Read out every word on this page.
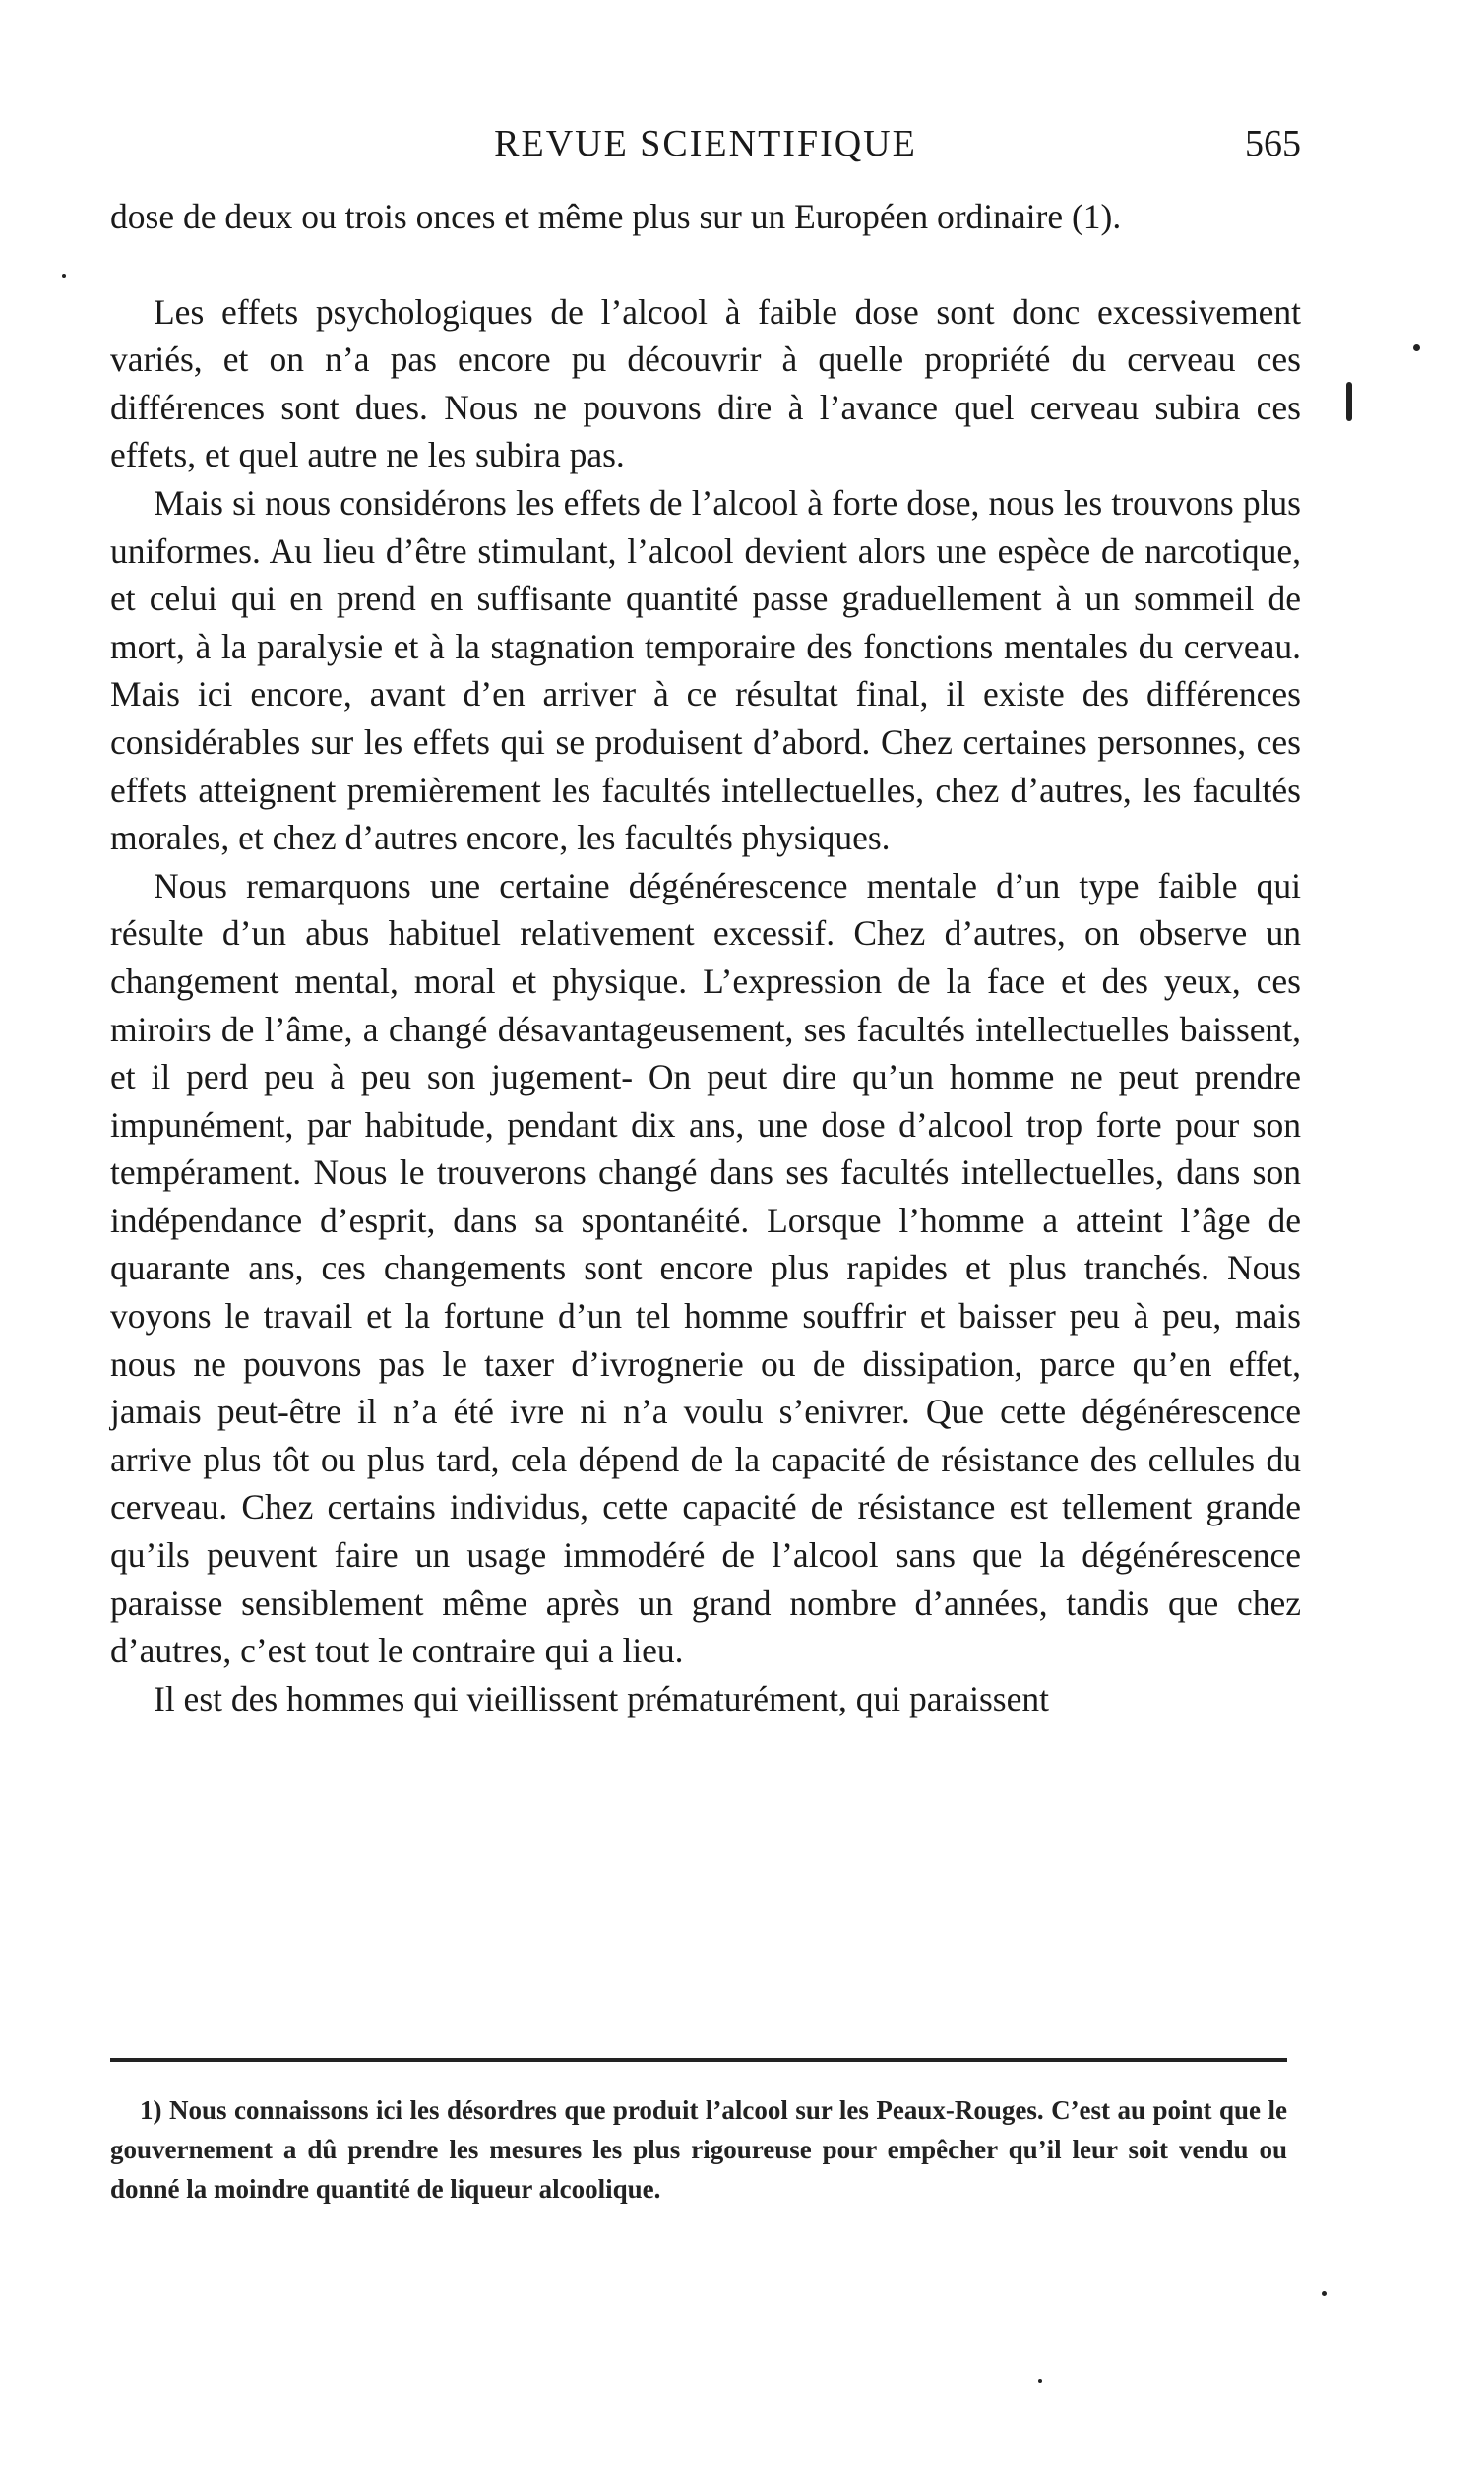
REVUE SCIENTIFIQUE	565

dose de deux ou trois onces et même plus sur un Européen ordinaire (1).

Les effets psychologiques de l’alcool à faible dose sont donc excessivement variés, et on n’a pas encore pu découvrir à quelle propriété du cerveau ces différences sont dues. Nous ne pouvons dire à l’avance quel cerveau subira ces effets, et quel autre ne les subira pas.

Mais si nous considérons les effets de l’alcool à forte dose, nous les trouvons plus uniformes. Au lieu d’être stimulant, l’alcool devient alors une espèce de narcotique, et celui qui en prend en suffisante quantité passe graduellement à un sommeil de mort, à la paralysie et à la stagnation temporaire des fonctions mentales du cerveau. Mais ici encore, avant d’en arriver à ce résultat final, il existe des différences considérables sur les effets qui se produisent d’abord. Chez certaines personnes, ces effets atteignent premièrement les facultés intellectuelles, chez d’autres, les facultés morales, et chez d’autres encore, les facultés physiques.

Nous remarquons une certaine dégénérescence mentale d’un type faible qui résulte d’un abus habituel relativement excessif. Chez d’autres, on observe un changement mental, moral et physique. L’expression de la face et des yeux, ces miroirs de l’âme, a changé désavantageusement, ses facultés intellectuelles baissent, et il perd peu à peu son jugement- On peut dire qu’un homme ne peut prendre impunément, par habitude, pendant dix ans, une dose d’alcool trop forte pour son tempérament. Nous le trouverons changé dans ses facultés intellectuelles, dans son indépendance d’esprit, dans sa spontanéité. Lorsque l’homme a atteint l’âge de quarante ans, ces changements sont encore plus rapides et plus tranchés. Nous voyons le travail et la fortune d’un tel homme souffrir et baisser peu à peu, mais nous ne pouvons pas le taxer d’ivrognerie ou de dissipation, parce qu’en effet, jamais peut-être il n’a été ivre ni n’a voulu s’enivrer. Que cette dégénérescence arrive plus tôt ou plus tard, cela dépend de la capacité de résistance des cellules du cerveau. Chez certains individus, cette capacité de résistance est tellement grande qu’ils peuvent faire un usage immodéré de l’alcool sans que la dégénérescence paraisse sensiblement même après un grand nombre d’années, tandis que chez d’autres, c’est tout le contraire qui a lieu.

Il est des hommes qui vieillissent prématurément, qui paraissent

1) Nous connaissons ici les désordres que produit l’alcool sur les Peaux-Rouges. C’est au point que le gouvernement a dû prendre les mesures les plus rigoureuse pour empêcher qu’il leur soit vendu ou donné la moindre quantité de liqueur alcoolique.
